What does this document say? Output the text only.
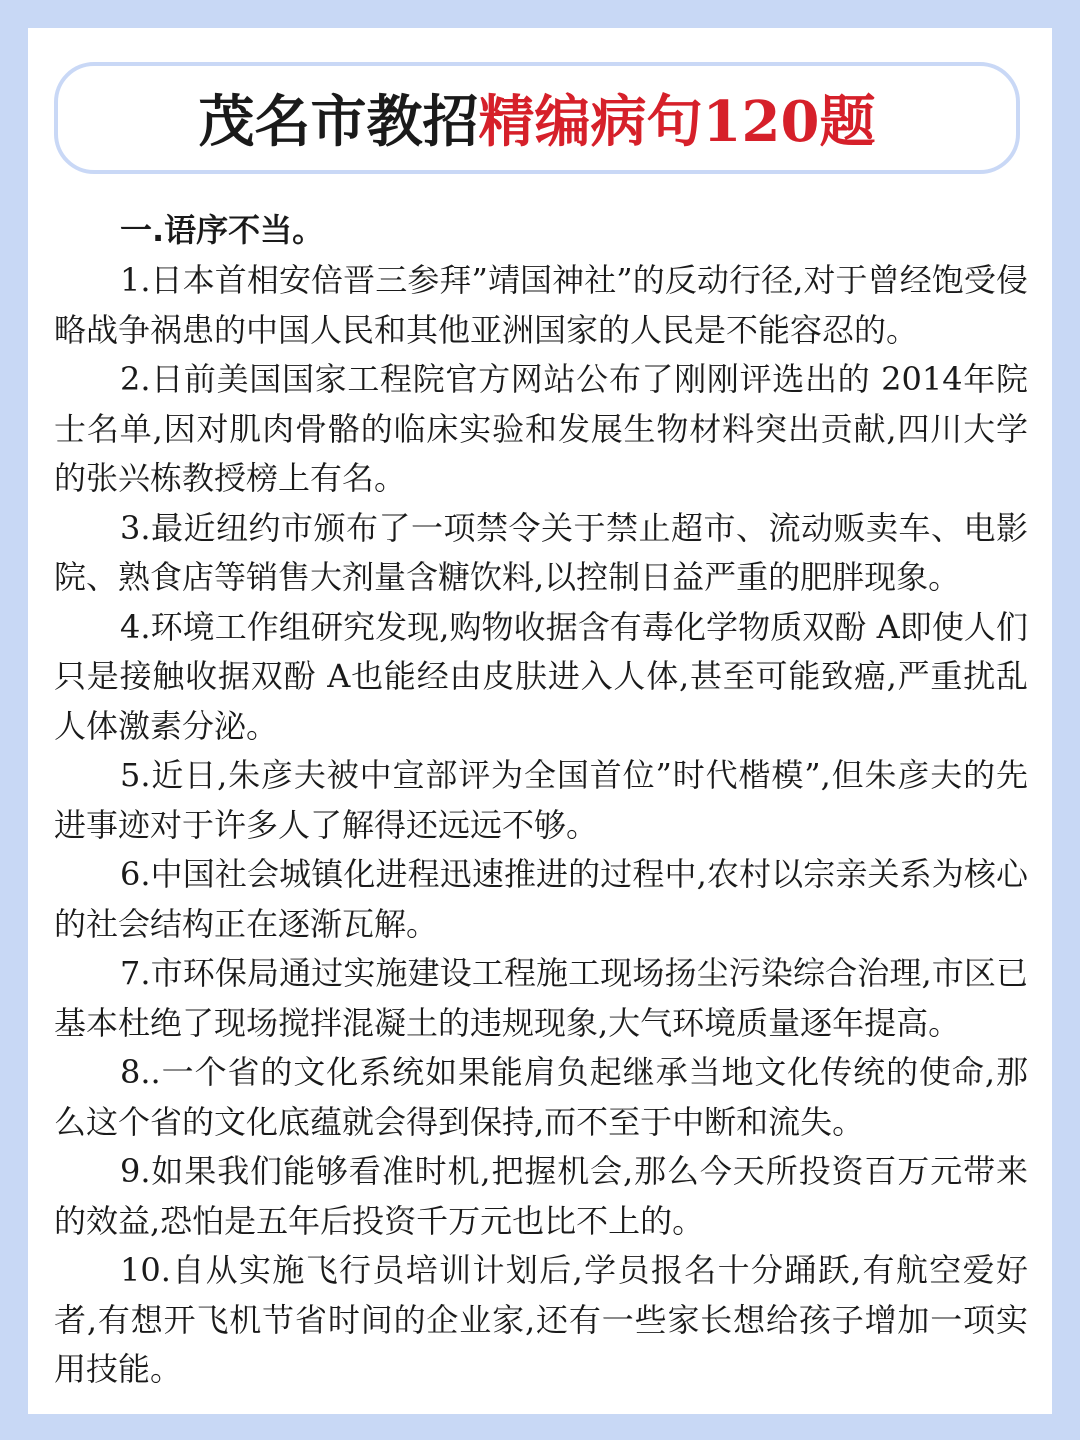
茂名市教招精编病句120题

一.语序不当。

1.日本首相安倍晋三参拜”靖国神社”的反动行径,对于曾经饱受侵略战争祸患的中国人民和其他亚洲国家的人民是不能容忍的。

2.日前美国国家工程院官方网站公布了刚刚评选出的 2014年院士名单,因对肌肉骨骼的临床实验和发展生物材料突出贡献,四川大学的张兴栋教授榜上有名。

3.最近纽约市颁布了一项禁令关于禁止超市、流动贩卖车、电影院、熟食店等销售大剂量含糖饮料,以控制日益严重的肥胖现象。

4.环境工作组研究发现,购物收据含有毒化学物质双酚 A即使人们只是接触收据双酚 A也能经由皮肤进入人体,甚至可能致癌,严重扰乱人体激素分泌。

5.近日,朱彦夫被中宣部评为全国首位”时代楷模”,但朱彦夫的先进事迹对于许多人了解得还远远不够。

6.中国社会城镇化进程迅速推进的过程中,农村以宗亲关系为核心的社会结构正在逐渐瓦解。

7.市环保局通过实施建设工程施工现场扬尘污染综合治理,市区已基本杜绝了现场搅拌混凝土的违规现象,大气环境质量逐年提高。

8..一个省的文化系统如果能肩负起继承当地文化传统的使命,那么这个省的文化底蕴就会得到保持,而不至于中断和流失。

9.如果我们能够看准时机,把握机会,那么今天所投资百万元带来的效益,恐怕是五年后投资千万元也比不上的。

10.自从实施飞行员培训计划后,学员报名十分踊跃,有航空爱好者,有想开飞机节省时间的企业家,还有一些家长想给孩子增加一项实用技能。
